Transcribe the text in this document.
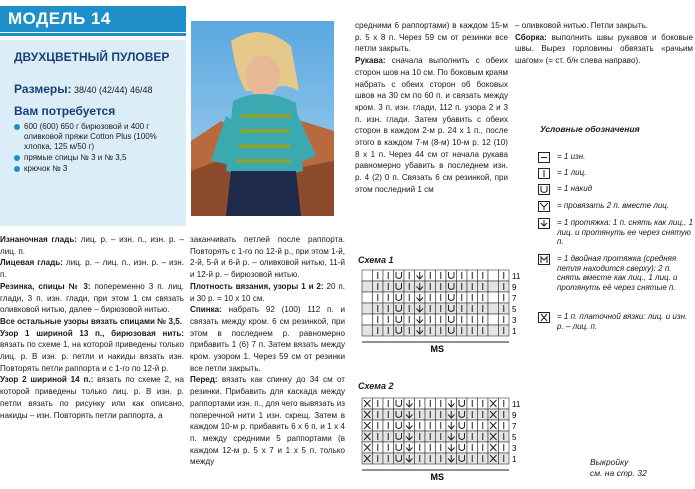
МОДЕЛЬ 14
ДВУХЦВЕТНЫЙ ПУЛОВЕР
Размеры: 38/40 (42/44) 46/48
Вам потребуется
600 (600) 650 г бирюзовой и 400 г оливковой пряжи Cotton Plus (100% хлопка, 125 м/50 г)
прямые спицы № 3 и № 3,5
крючок № 3

Изнаночная гладь: лиц. р. – изн. п., изн. р. – лиц. п.

Лицевая гладь: лиц. р. – лиц. п., изн. р. – изн. п.

Резинка, спицы № 3: попеременно 3 п. лиц. глади, 3 п. изн. глади, при этом 1 см связать оливковой нитью, далее – бирюзовой нитью.

Все остальные узоры вязать спицами № 3,5.

Узор 1 шириной 13 п., бирюзовая нить: вязать по схеме 1, на которой приведены только лиц. р. В изн. р. петли и накиды вязать изн. Повторять петли раппорта и с 1-го по 12-й р.

Узор 2 шириной 14 п.: вязать по схеме 2, на которой приведены только лиц. р. В изн. р. петли вязать по рисунку или как описано, накиды – изн. Повторять петли раппорта, а

заканчивать петлей после раппорта. Повторять с 1-го по 12-й р., при этом 1-й, 2-й, 5-й и 6-й р. – оливковой нитью, 11-й и 12-й р. – бирюзовой нитью.

Плотность вязания, узоры 1 и 2: 20 п. и 30 р. = 10 х 10 см.

Спинка: набрать 92 (100) 112 п. и связать между кром. 6 см резинкой, при этом в последнем р. равномерно прибавить 1 (6) 7 п. Затем вязать между кром. узором 1. Через 59 см от резинки все петли закрыть.

Перед: вязать как спинку до 34 см от резинки. Прибавить для каскада между раппортами изн. п., для чего вывязать из поперечной нити 1 изн. скрещ. Затем в каждом 10-м р. прибавить 6 х 6 п. и 1 х 4 п. между средними 5 раппортами (в каждом 12-м р. 5 х 7 и 1 х 5 п. только между

средними 6 раппортами) в каждом 15-м р. 5 х 8 п. Через 59 см от резинки все петли закрыть.

Рукава: сначала выполнить с обеих сторон шов на 10 см. По боковым краям набрать с обеих сторон об боковых швов на 30 см по 60 п. и связать между кром. 3 п. изн. глади, 112 п. узора 2 и 3 п. изн. глади. Затем убавить с обеих сторон в каждом 2-м р. 24 х 1 п., после этого в каждом 7-м (8-м) 10-м р. 12 (10) 8 х 1 п. Через 44 см от начала рукава равномерно убавить в последнем изн. р. 4 (2) 0 п. Связать 6 см резинкой, при этом последний 1 см

– оливковой нитью. Петли закрыть.

Сборка: выполнить швы рукавов и боковые швы. Вырез горловины обвязать «рачьим шагом» (= ст. б/н слева направо).

Условные обозначения
= 1 изн.
= 1 лиц.
= 1 накид
= провязать 2 п. вместе лиц.
= 1 протяжка: 1 п. снять как лиц., 1 лиц. и протянуть ее через снятую п.
= 1 двойная протяжка (средняя петля находится сверху): 2 п. снять вместе как лиц., 1 лиц. и протянуть её через снятые п.
= 1 п. платочной вязки: лиц. и изн. р. – лиц. п.
Схема 1
11
9
7
5
3
1
MS
Схема 2
11
9
7
5
3
1
MS
Выкройку
см. на стр. 32
